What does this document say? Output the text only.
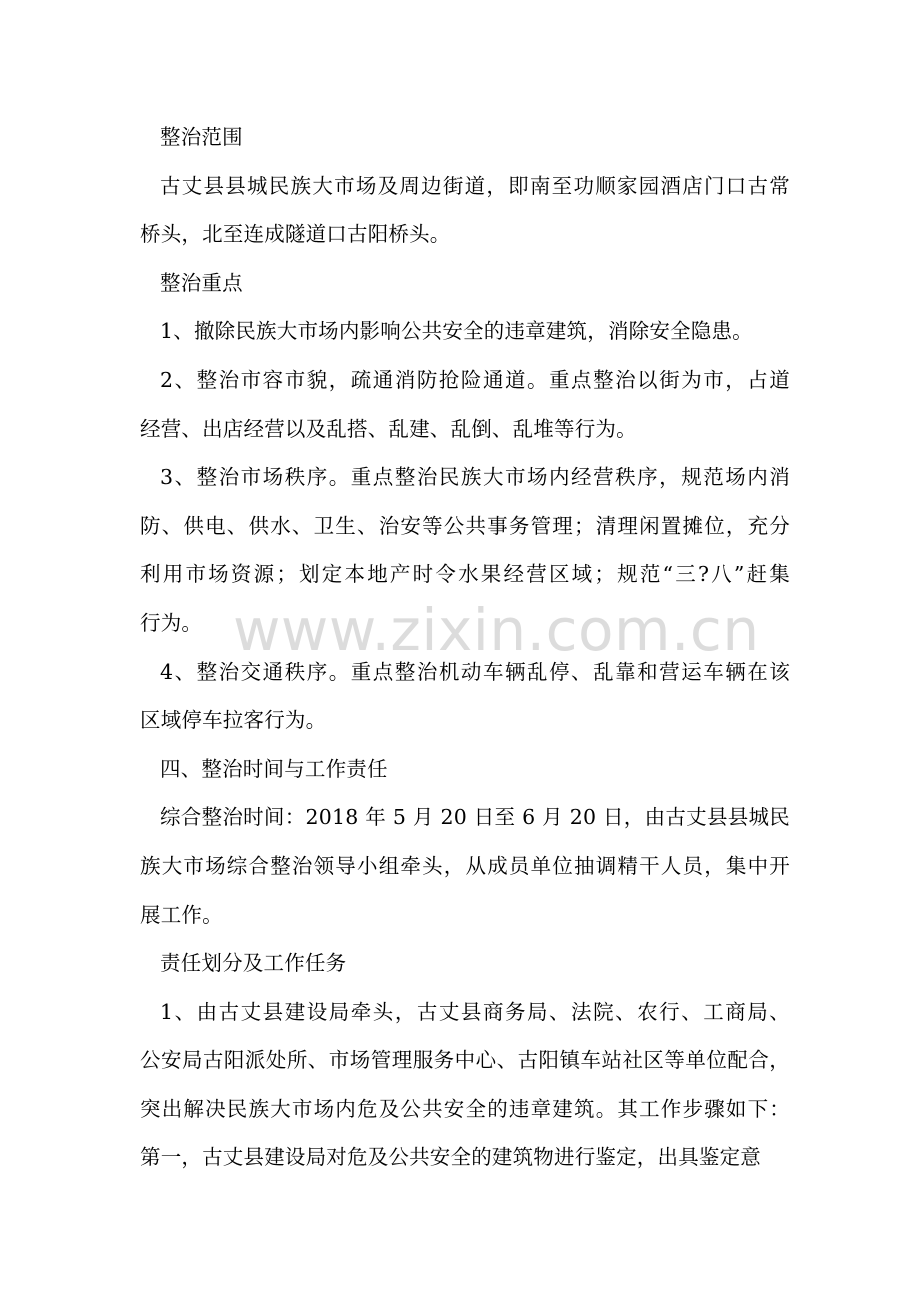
www.zixin.com.cn
整治范围
古丈县县城民族大市场及周边街道，即南至功顺家园酒店门口古常
桥头，北至连成隧道口古阳桥头。
整治重点
1、撤除民族大市场内影响公共安全的违章建筑，消除安全隐患。
2、整治市容市貌，疏通消防抢险通道。重点整治以街为市，占道
经营、出店经营以及乱搭、乱建、乱倒、乱堆等行为。
3、整治市场秩序。重点整治民族大市场内经营秩序，规范场内消
防、供电、供水、卫生、治安等公共事务管理；清理闲置摊位，充分
利用市场资源；划定本地产时令水果经营区域；规范“三?八”赶集
行为。
4、整治交通秩序。重点整治机动车辆乱停、乱靠和营运车辆在该
区域停车拉客行为。
四、整治时间与工作责任
综合整治时间：2018 年 5 月 20 日至 6 月 20 日，由古丈县县城民
族大市场综合整治领导小组牵头，从成员单位抽调精干人员，集中开
展工作。
责任划分及工作任务
1、由古丈县建设局牵头，古丈县商务局、法院、农行、工商局、
公安局古阳派处所、市场管理服务中心、古阳镇车站社区等单位配合，
突出解决民族大市场内危及公共安全的违章建筑。其工作步骤如下：
第一，古丈县建设局对危及公共安全的建筑物进行鉴定，出具鉴定意
